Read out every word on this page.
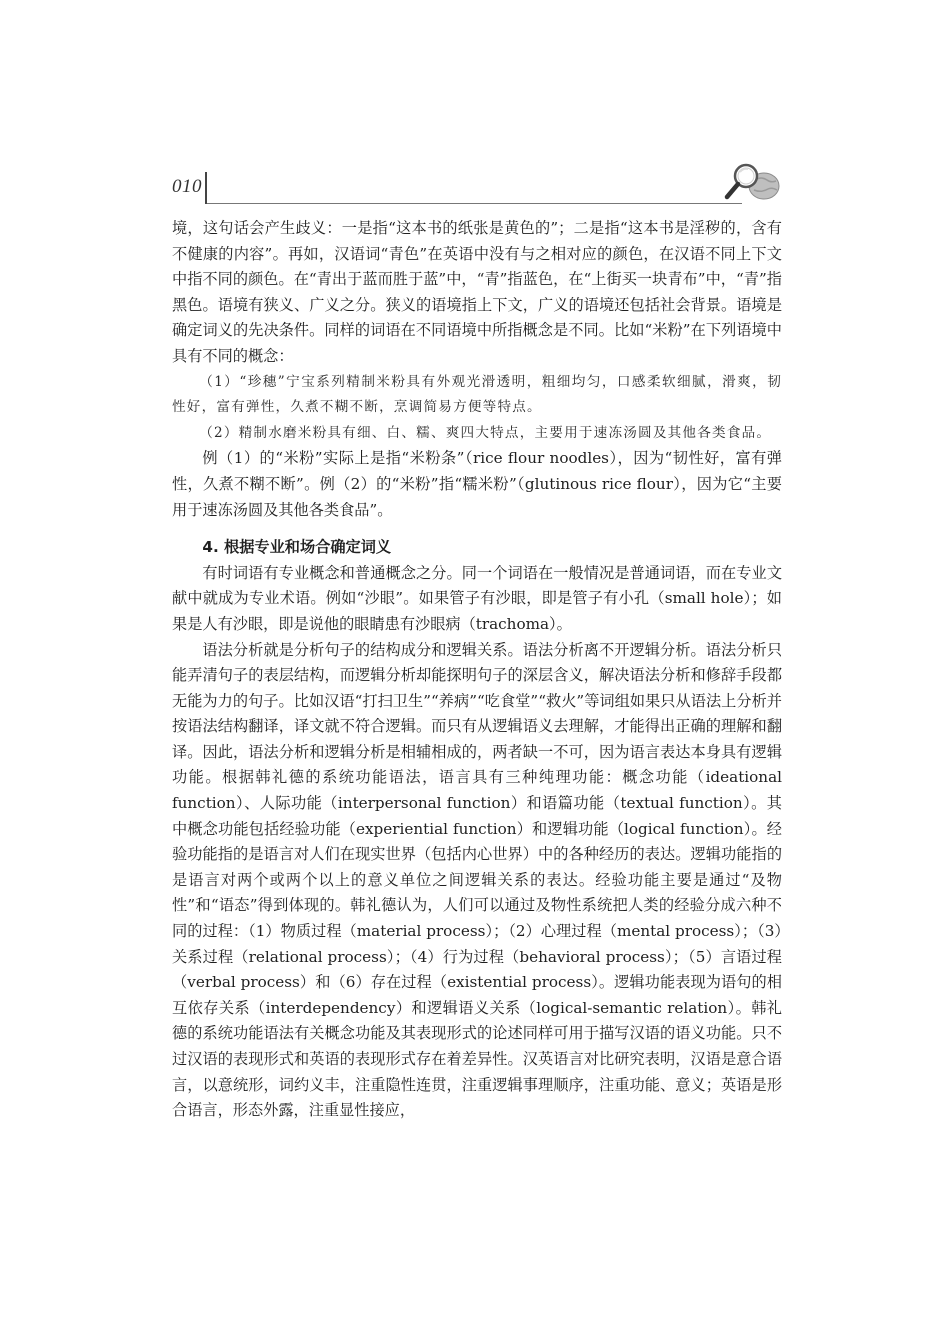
010

境，这句话会产生歧义：一是指“这本书的纸张是黄色的”；二是指“这本书是淫秽的，含有不健康的内容”。再如，汉语词“青色”在英语中没有与之相对应的颜色，在汉语不同上下文中指不同的颜色。在“青出于蓝而胜于蓝”中，“青”指蓝色，在“上街买一块青布”中，“青”指黑色。语境有狭义、广义之分。狭义的语境指上下文，广义的语境还包括社会背景。语境是确定词义的先决条件。同样的词语在不同语境中所指概念是不同。比如“米粉”在下列语境中具有不同的概念：

（1）“珍穗”宁宝系列精制米粉具有外观光滑透明，粗细均匀，口感柔软细腻，滑爽，韧性好，富有弹性，久煮不糊不断，烹调简易方便等特点。

（2）精制水磨米粉具有细、白、糯、爽四大特点，主要用于速冻汤圆及其他各类食品。

例（1）的“米粉”实际上是指“米粉条”（rice flour noodles），因为“韧性好，富有弹性，久煮不糊不断”。例（2）的“米粉”指“糯米粉”（glutinous rice flour），因为它“主要用于速冻汤圆及其他各类食品”。

4. 根据专业和场合确定词义

有时词语有专业概念和普通概念之分。同一个词语在一般情况是普通词语，而在专业文献中就成为专业术语。例如“沙眼”。如果管子有沙眼，即是管子有小孔（small hole）；如果是人有沙眼，即是说他的眼睛患有沙眼病（trachoma）。

语法分析就是分析句子的结构成分和逻辑关系。语法分析离不开逻辑分析。语法分析只能弄清句子的表层结构，而逻辑分析却能探明句子的深层含义，解决语法分析和修辞手段都无能为力的句子。比如汉语“打扫卫生”“养病”“吃食堂”“救火”等词组如果只从语法上分析并按语法结构翻译，译文就不符合逻辑。而只有从逻辑语义去理解，才能得出正确的理解和翻译。因此，语法分析和逻辑分析是相辅相成的，两者缺一不可，因为语言表达本身具有逻辑功能。根据韩礼德的系统功能语法，语言具有三种纯理功能：概念功能（ideational function）、人际功能（interpersonal function）和语篇功能（textual function）。其中概念功能包括经验功能（experiential function）和逻辑功能（logical function）。经验功能指的是语言对人们在现实世界（包括内心世界）中的各种经历的表达。逻辑功能指的是语言对两个或两个以上的意义单位之间逻辑关系的表达。经验功能主要是通过“及物性”和“语态”得到体现的。韩礼德认为，人们可以通过及物性系统把人类的经验分成六种不同的过程：（1）物质过程（material process）；（2）心理过程（mental process）；（3）关系过程（relational process）；（4）行为过程（behavioral process）；（5）言语过程（verbal process）和（6）存在过程（existential process）。逻辑功能表现为语句的相互依存关系（interdependency）和逻辑语义关系（logical-semantic relation）。韩礼德的系统功能语法有关概念功能及其表现形式的论述同样可用于描写汉语的语义功能。只不过汉语的表现形式和英语的表现形式存在着差异性。汉英语言对比研究表明，汉语是意合语言，以意统形，词约义丰，注重隐性连贯，注重逻辑事理顺序，注重功能、意义；英语是形合语言，形态外露，注重显性接应，
